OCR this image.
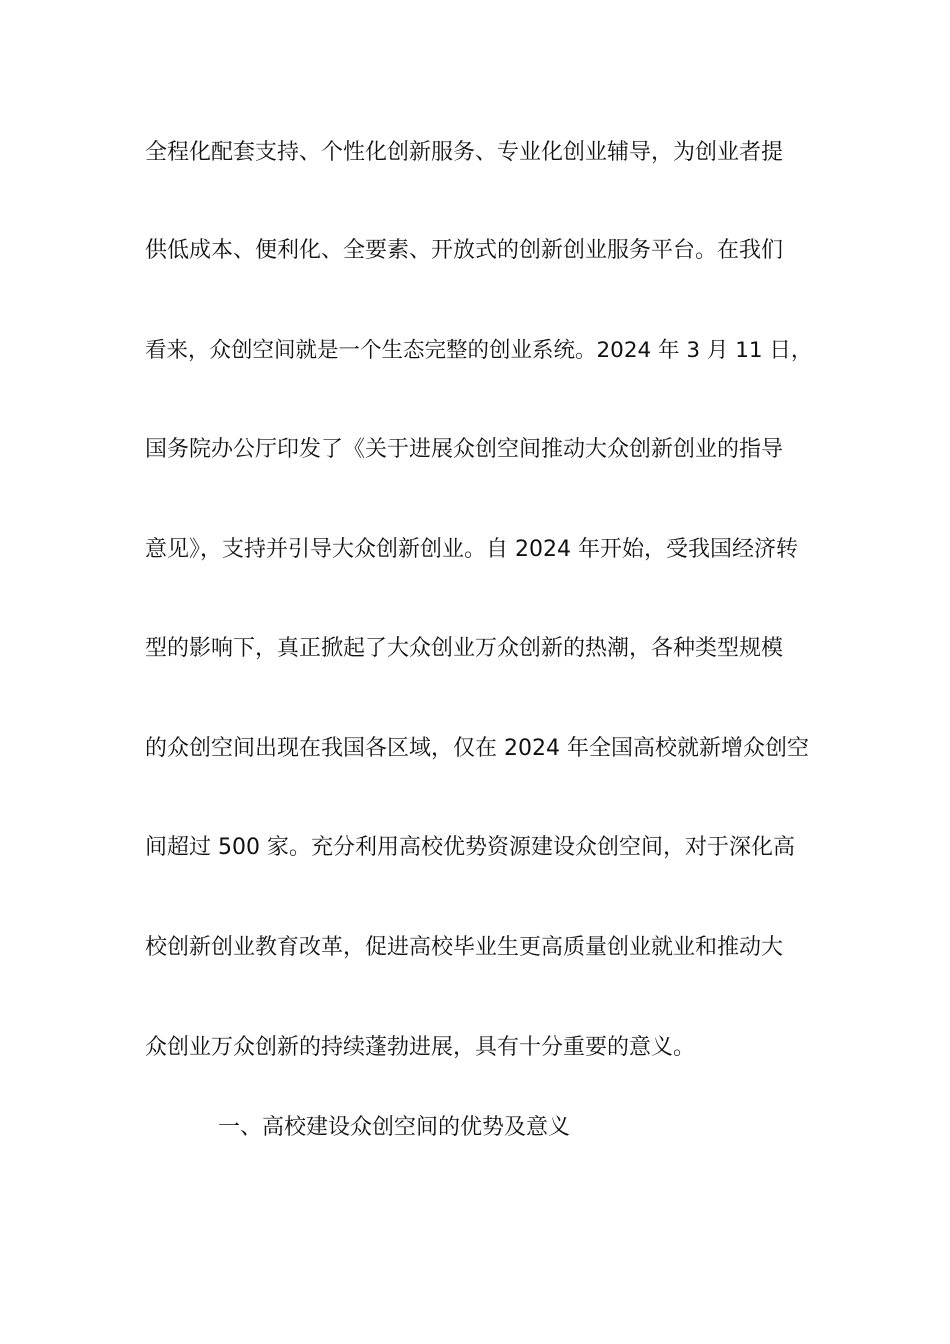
全程化配套支持、个性化创新服务、专业化创业辅导，为创业者提
供低成本、便利化、全要素、开放式的创新创业服务平台。在我们
看来，众创空间就是一个生态完整的创业系统。2024 年 3 月 11 日，
国务院办公厅印发了《关于进展众创空间推动大众创新创业的指导
意见》，支持并引导大众创新创业。自 2024 年开始，受我国经济转
型的影响下，真正掀起了大众创业万众创新的热潮，各种类型规模
的众创空间出现在我国各区域，仅在 2024 年全国高校就新增众创空
间超过 500 家。充分利用高校优势资源建设众创空间，对于深化高
校创新创业教育改革，促进高校毕业生更高质量创业就业和推动大
众创业万众创新的持续蓬勃进展，具有十分重要的意义。
一、高校建设众创空间的优势及意义
